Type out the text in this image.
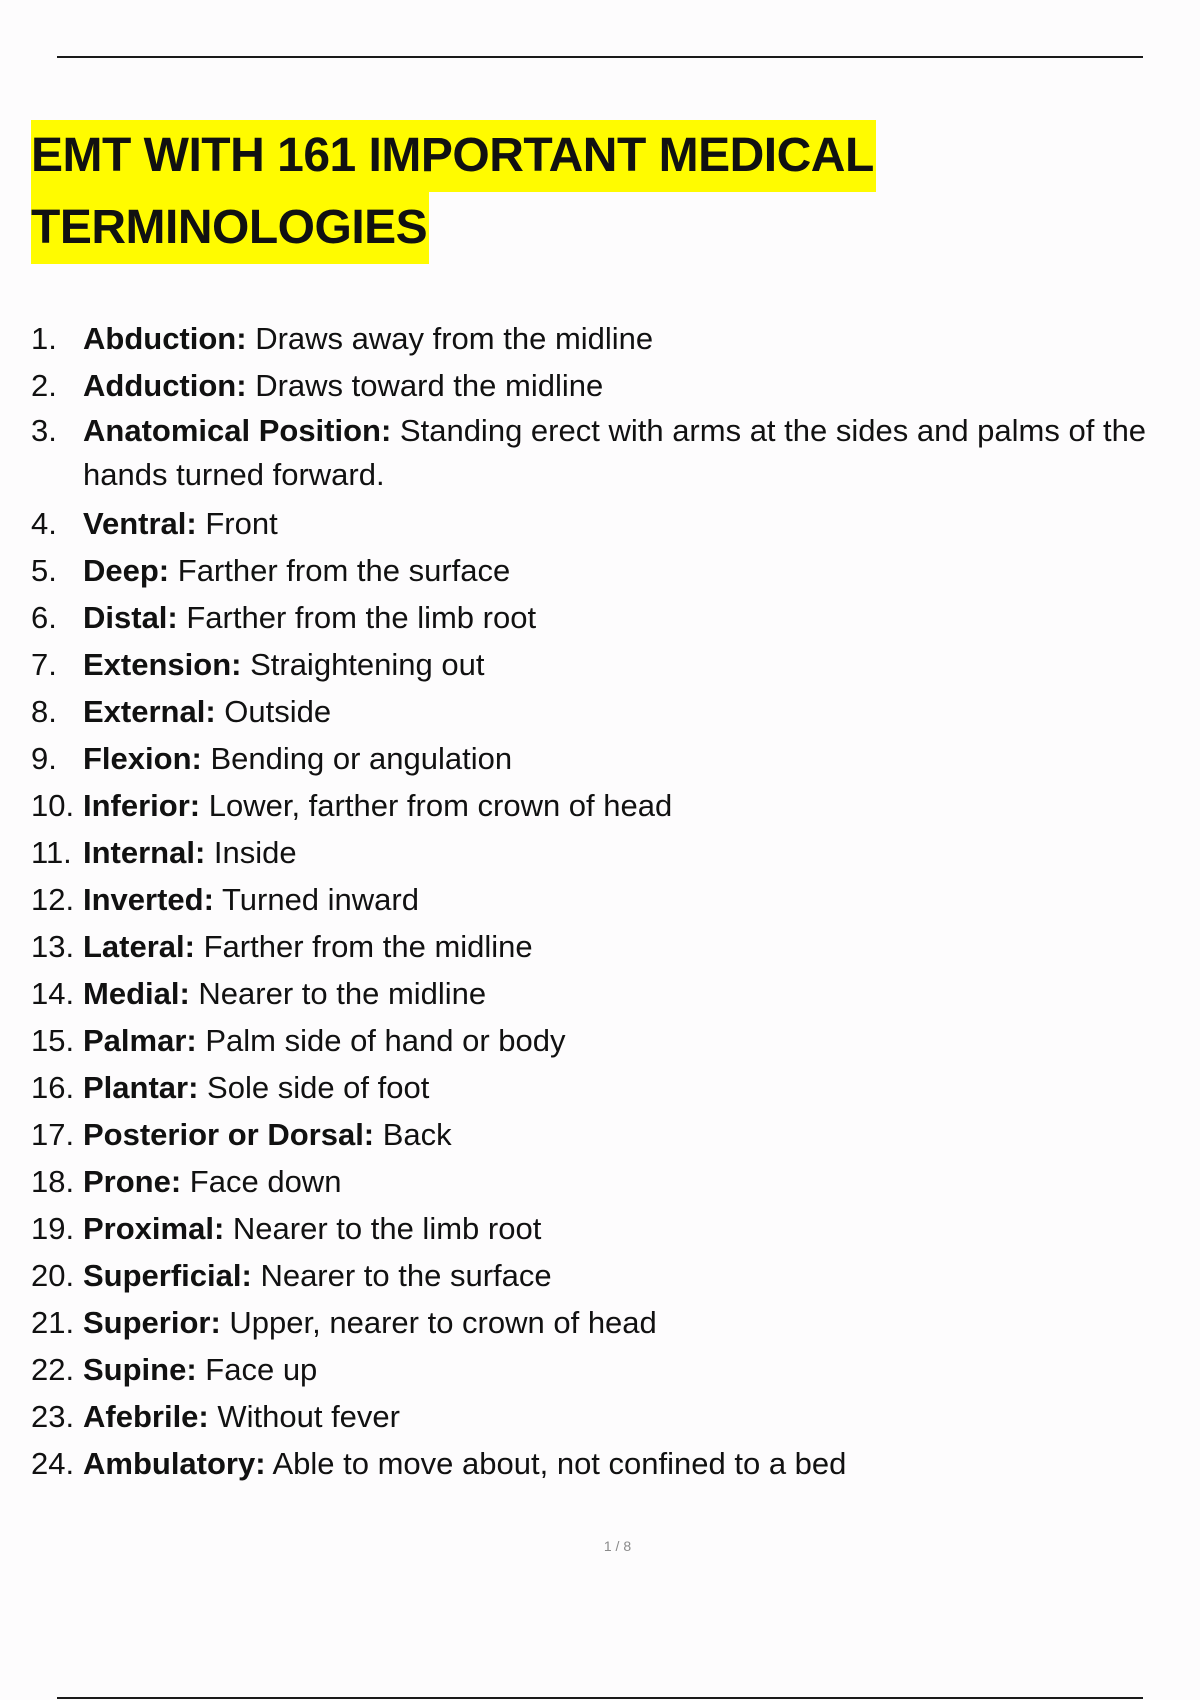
EMT WITH 161 IMPORTANT MEDICAL
TERMINOLOGIES
1. Abduction: Draws away from the midline
2. Adduction: Draws toward the midline
3. Anatomical Position: Standing erect with arms at the sides and palms of the hands turned forward.
4. Ventral: Front
5. Deep: Farther from the surface
6. Distal: Farther from the limb root
7. Extension: Straightening out
8. External: Outside
9. Flexion: Bending or angulation
10. Inferior: Lower, farther from crown of head
11. Internal: Inside
12. Inverted: Turned inward
13. Lateral: Farther from the midline
14. Medial: Nearer to the midline
15. Palmar: Palm side of hand or body
16. Plantar: Sole side of foot
17. Posterior or Dorsal: Back
18. Prone: Face down
19. Proximal: Nearer to the limb root
20. Superficial: Nearer to the surface
21. Superior: Upper, nearer to crown of head
22. Supine: Face up
23. Afebrile: Without fever
24. Ambulatory: Able to move about, not confined to a bed
1 / 8
